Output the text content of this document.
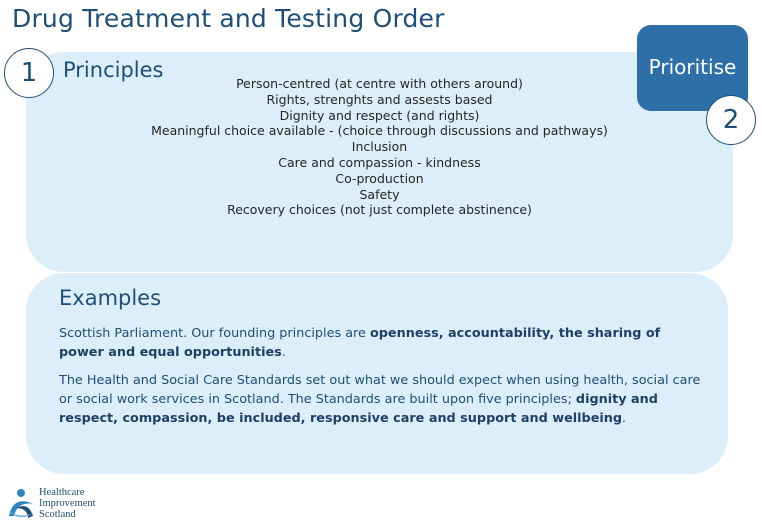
Drug Treatment and Testing Order
1	Principles
Person-centred (at centre with others around)
Rights, strenghts and assests based
Dignity and respect (and rights)
Meaningful choice available - (choice through discussions and pathways)
Inclusion
Care and compassion - kindness
Co-production
Safety
Recovery choices (not just complete abstinence)
Prioritise
2
Examples
Scottish Parliament. Our founding principles are openness, accountability, the sharing of power and equal opportunities.
The Health and Social Care Standards set out what we should expect when using health, social care or social work services in Scotland. The Standards are built upon five principles; dignity and respect, compassion, be included, responsive care and support and wellbeing.
Healthcare
Improvement
Scotland
